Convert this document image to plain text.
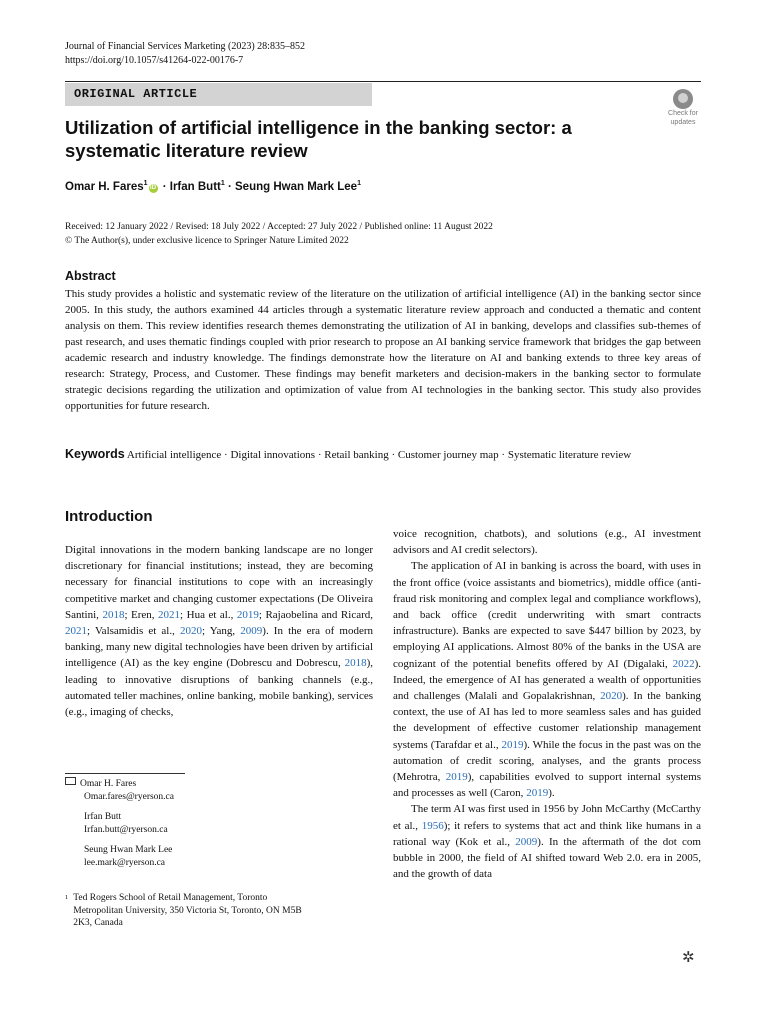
Journal of Financial Services Marketing (2023) 28:835–852
https://doi.org/10.1057/s41264-022-00176-7
ORIGINAL ARTICLE
Check for
updates
Utilization of artificial intelligence in the banking sector: a systematic literature review
Omar H. Fares$^1$iD · Irfan Butt$^1$ · Seung Hwan Mark Lee$^1$
Received: 12 January 2022 / Revised: 18 July 2022 / Accepted: 27 July 2022 / Published online: 11 August 2022
© The Author(s), under exclusive licence to Springer Nature Limited 2022
Abstract

This study provides a holistic and systematic review of the literature on the utilization of artificial intelligence (AI) in the banking sector since 2005. In this study, the authors examined 44 articles through a systematic literature review approach and conducted a thematic and content analysis on them. This review identifies research themes demonstrating the utilization of AI in banking, develops and classifies sub-themes of past research, and uses thematic findings coupled with prior research to propose an AI banking service framework that bridges the gap between academic research and industry knowledge. The findings demonstrate how the literature on AI and banking extends to three key areas of research: Strategy, Process, and Customer. These findings may benefit marketers and decision-makers in the banking sector to formulate strategic decisions regarding the utilization and optimization of value from AI technologies in the banking sector. This study also provides opportunities for future research.

Keywords Artificial intelligence · Digital innovations · Retail banking · Customer journey map · Systematic literature review

Introduction

Digital innovations in the modern banking landscape are no longer discretionary for financial institutions; instead, they are becoming necessary for financial institutions to cope with an increasingly competitive market and changing customer expectations (De Oliveira Santini, 2018; Eren, 2021; Hua et al., 2019; Rajaobelina and Ricard, 2021; Valsamidis et al., 2020; Yang, 2009). In the era of modern banking, many new digital technologies have been driven by artificial intelligence (AI) as the key engine (Dobrescu and Dobrescu, 2018), leading to innovative disruptions of banking channels (e.g., automated teller machines, online banking, mobile banking), services (e.g., imaging of checks,

voice recognition, chatbots), and solutions (e.g., AI investment advisors and AI credit selectors).

The application of AI in banking is across the board, with uses in the front office (voice assistants and biometrics), middle office (anti-fraud risk monitoring and complex legal and compliance workflows), and back office (credit underwriting with smart contracts infrastructure). Banks are expected to save $447 billion by 2023, by employing AI applications. Almost 80% of the banks in the USA are cognizant of the potential benefits offered by AI (Digalaki, 2022). Indeed, the emergence of AI has generated a wealth of opportunities and challenges (Malali and Gopalakrishnan, 2020). In the banking context, the use of AI has led to more seamless sales and has guided the development of effective customer relationship management systems (Tarafdar et al., 2019). While the focus in the past was on the automation of credit scoring, analyses, and the grants process (Mehrotra, 2019), capabilities evolved to support internal systems and processes as well (Caron, 2019).

The term AI was first used in 1956 by John McCarthy (McCarthy et al., 1956); it refers to systems that act and think like humans in a rational way (Kok et al., 2009). In the aftermath of the dot com bubble in 2000, the field of AI shifted toward Web 2.0. era in 2005, and the growth of data

Omar H. Fares
Omar.fares@ryerson.ca
Irfan Butt
Irfan.butt@ryerson.ca
Seung Hwan Mark Lee
lee.mark@ryerson.ca
$^1$ Ted Rogers School of Retail Management, Toronto Metropolitan University, 350 Victoria St, Toronto, ON M5B 2K3, Canada
✲
